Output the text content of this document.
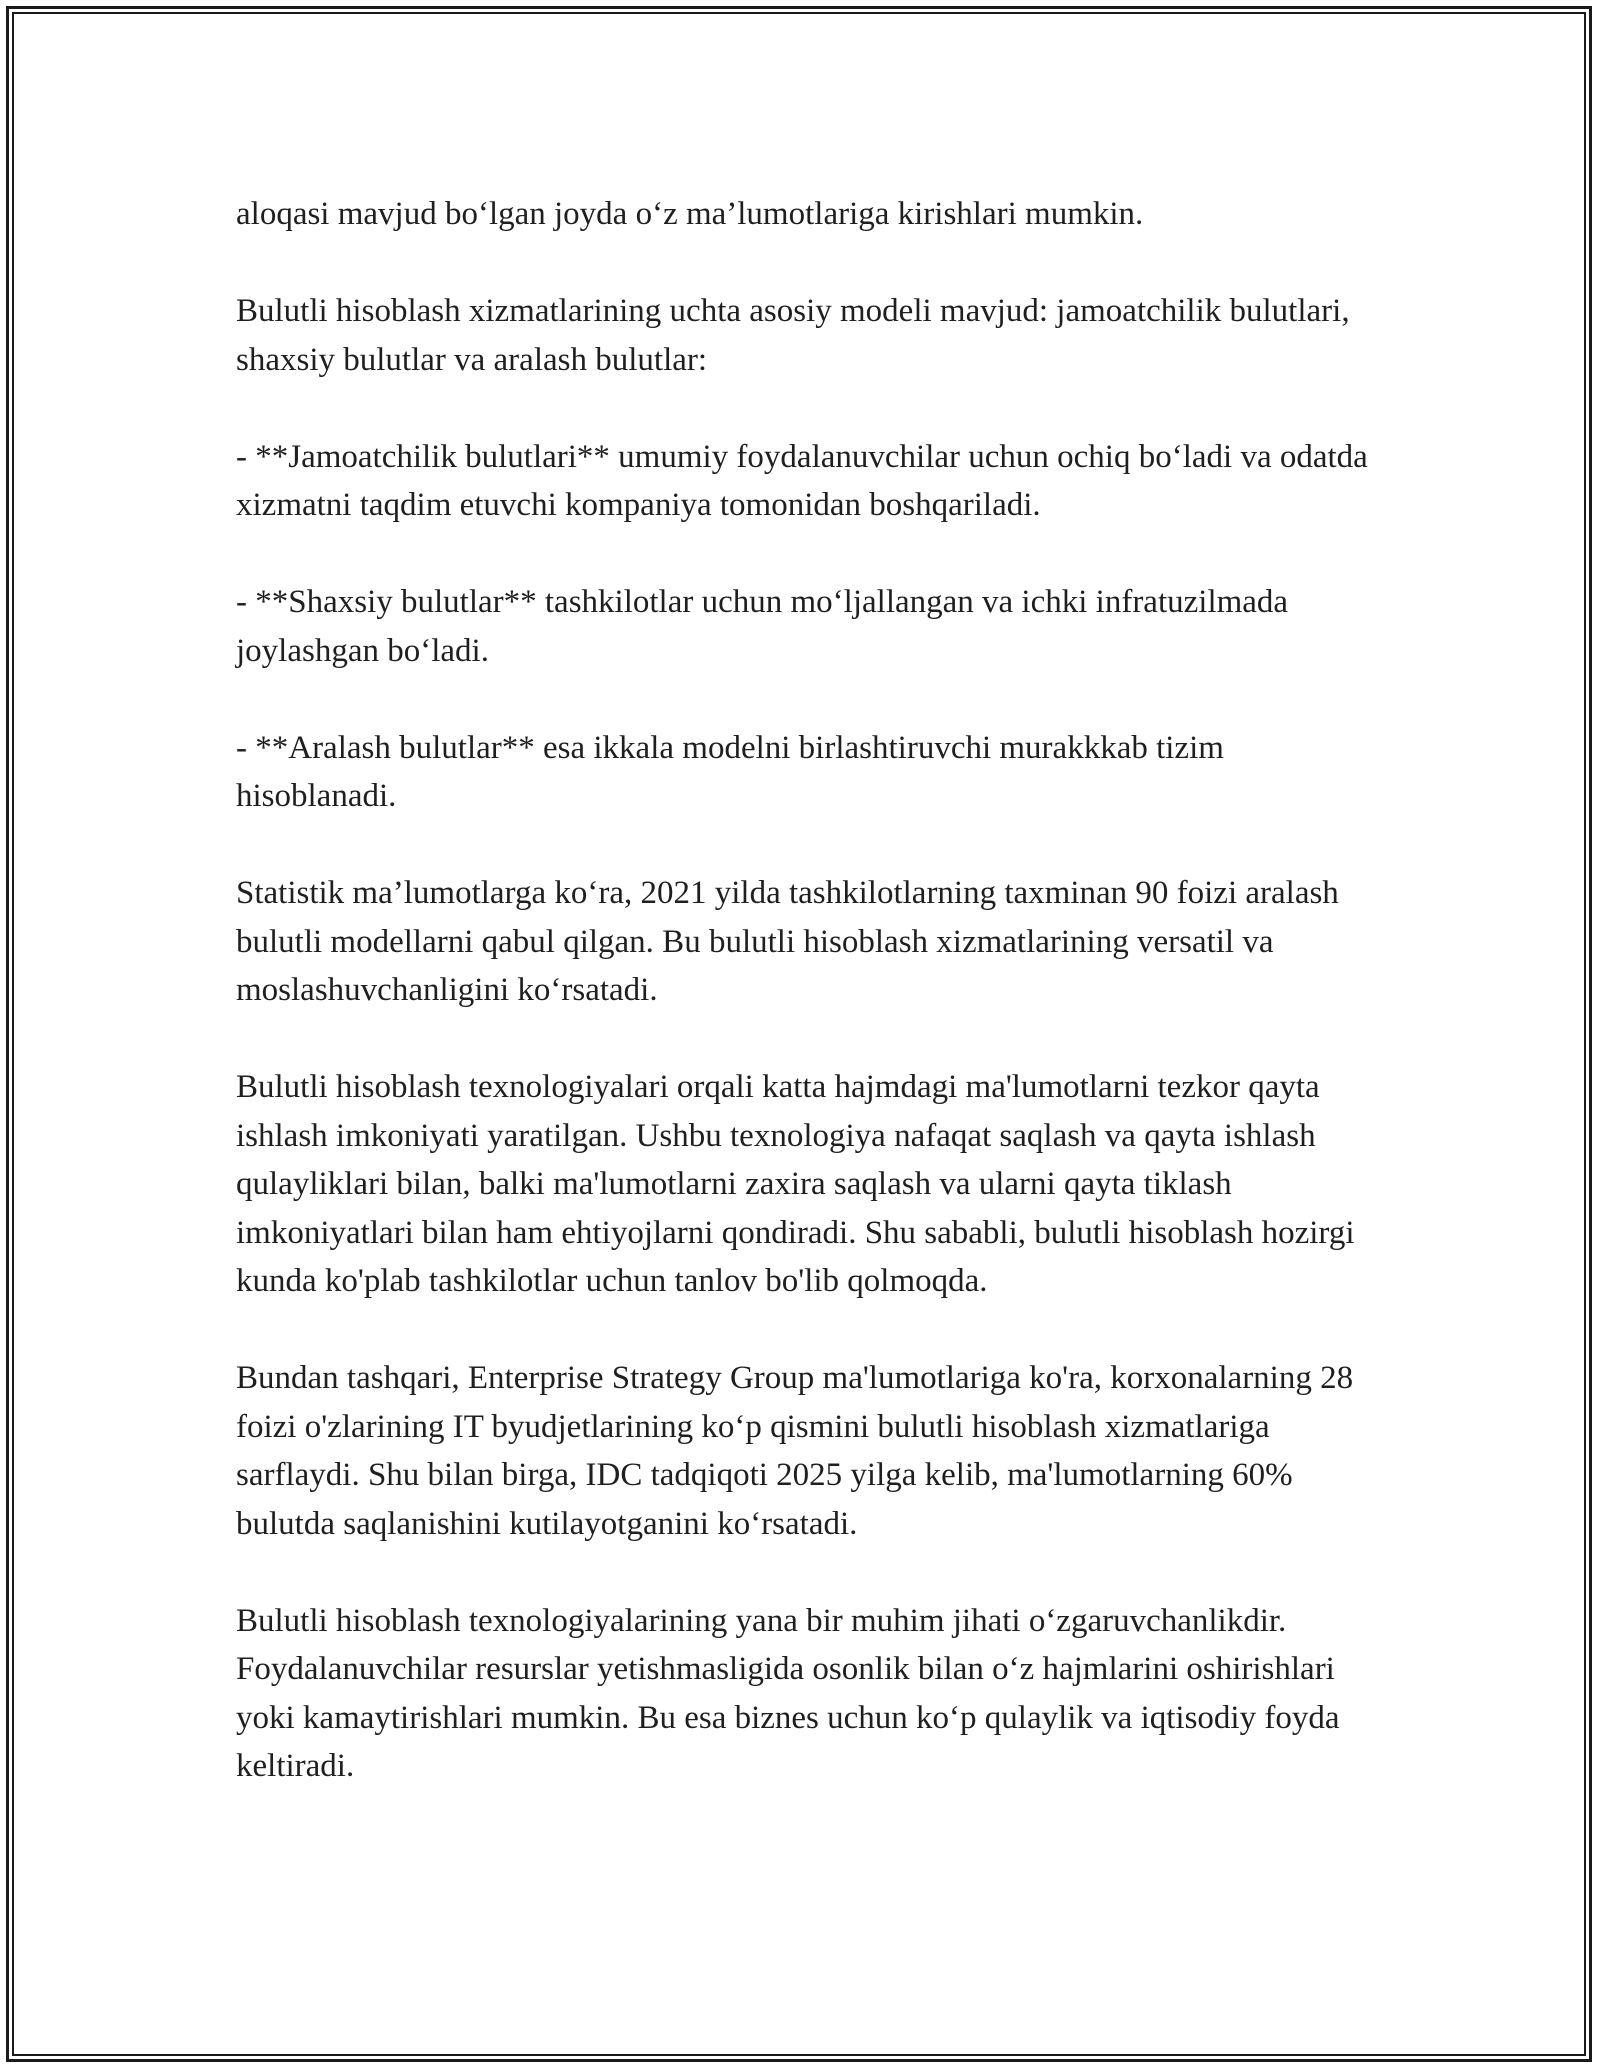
aloqasi mavjud bo‘lgan joyda o‘z ma’lumotlariga kirishlari mumkin.

Bulutli hisoblash xizmatlarining uchta asosiy modeli mavjud: jamoatchilik bulutlari, shaxsiy bulutlar va aralash bulutlar:

- **Jamoatchilik bulutlari** umumiy foydalanuvchilar uchun ochiq bo‘ladi va odatda xizmatni taqdim etuvchi kompaniya tomonidan boshqariladi.

- **Shaxsiy bulutlar** tashkilotlar uchun mo‘ljallangan va ichki infratuzilmada joylashgan bo‘ladi.

- **Aralash bulutlar** esa ikkala modelni birlashtiruvchi murakkkab tizim hisoblanadi.

Statistik ma’lumotlarga ko‘ra, 2021 yilda tashkilotlarning taxminan 90 foizi aralash bulutli modellarni qabul qilgan. Bu bulutli hisoblash xizmatlarining versatil va moslashuvchanligini ko‘rsatadi.

Bulutli hisoblash texnologiyalari orqali katta hajmdagi ma'lumotlarni tezkor qayta ishlash imkoniyati yaratilgan. Ushbu texnologiya nafaqat saqlash va qayta ishlash qulayliklari bilan, balki ma'lumotlarni zaxira saqlash va ularni qayta tiklash imkoniyatlari bilan ham ehtiyojlarni qondiradi. Shu sababli, bulutli hisoblash hozirgi kunda ko'plab tashkilotlar uchun tanlov bo'lib qolmoqda.

Bundan tashqari, Enterprise Strategy Group ma'lumotlariga ko'ra, korxonalarning 28 foizi o'zlarining IT byudjetlarining ko‘p qismini bulutli hisoblash xizmatlariga sarflaydi. Shu bilan birga, IDC tadqiqoti 2025 yilga kelib, ma'lumotlarning 60% bulutda saqlanishini kutilayotganini ko‘rsatadi.

Bulutli hisoblash texnologiyalarining yana bir muhim jihati o‘zgaruvchanlikdir. Foydalanuvchilar resurslar yetishmasligida osonlik bilan o‘z hajmlarini oshirishlari yoki kamaytirishlari mumkin. Bu esa biznes uchun ko‘p qulaylik va iqtisodiy foyda keltiradi.
